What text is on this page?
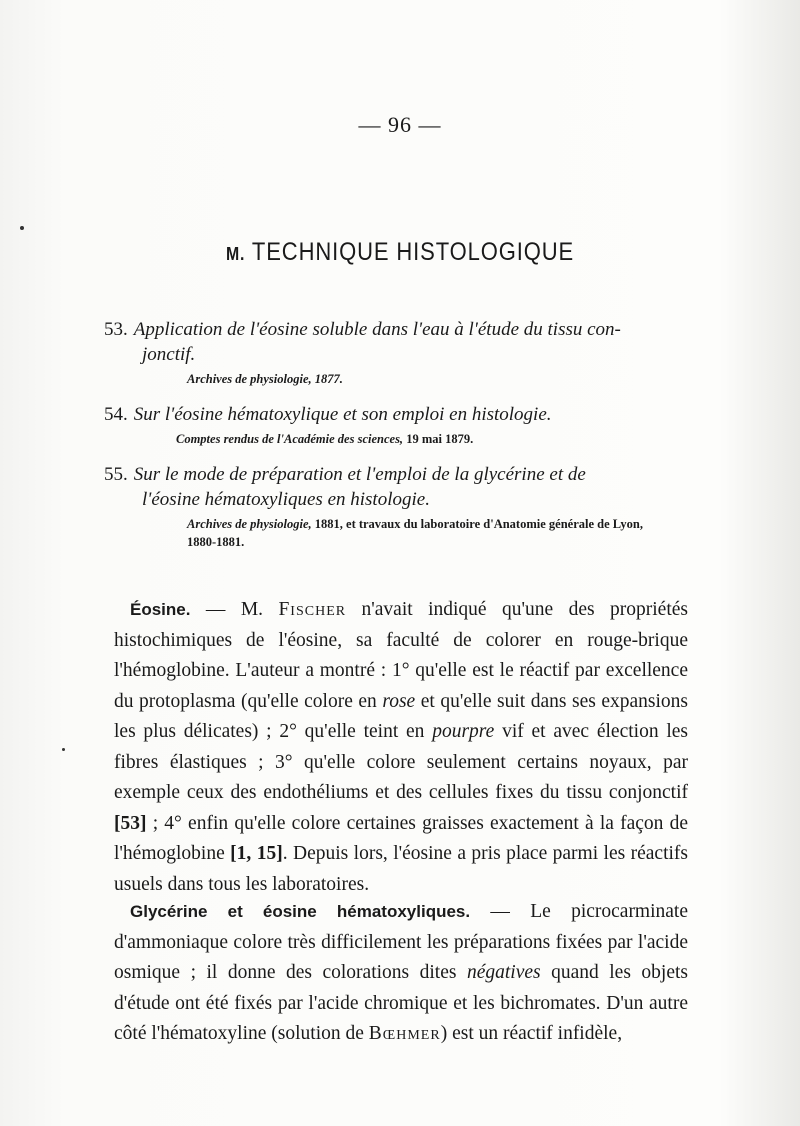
— 96 —
M. TECHNIQUE HISTOLOGIQUE
53. Application de l'éosine soluble dans l'eau à l'étude du tissu con-
jonctif.
Archives de physiologie, 1877.
54. Sur l'éosine hématoxylique et son emploi en histologie.
Comptes rendus de l'Académie des sciences, 19 mai 1879.
55. Sur le mode de préparation et l'emploi de la glycérine et de
l'éosine hématoxyliques en histologie.
Archives de physiologie, 1881, et travaux du laboratoire d'Anatomie générale de Lyon,
1880-1881.
Éosine. — M. Fischer n'avait indiqué qu'une des propriétés histochimiques de l'éosine, sa faculté de colorer en rouge-brique l'hémoglobine. L'auteur a montré : 1° qu'elle est le réactif par excellence du protoplasma (qu'elle colore en rose et qu'elle suit dans ses expansions les plus délicates) ; 2° qu'elle teint en pourpre vif et avec élection les fibres élastiques ; 3° qu'elle colore seulement certains noyaux, par exemple ceux des endothéliums et des cellules fixes du tissu conjonctif [53] ; 4° enfin qu'elle colore certaines graisses exactement à la façon de l'hémoglobine [1, 15]. Depuis lors, l'éosine a pris place parmi les réactifs usuels dans tous les laboratoires.
Glycérine et éosine hématoxyliques. — Le picrocarminate d'ammoniaque colore très difficilement les préparations fixées par l'acide osmique ; il donne des colorations dites négatives quand les objets d'étude ont été fixés par l'acide chromique et les bichromates. D'un autre côté l'hématoxyline (solution de Bœhmer) est un réactif infidèle,
